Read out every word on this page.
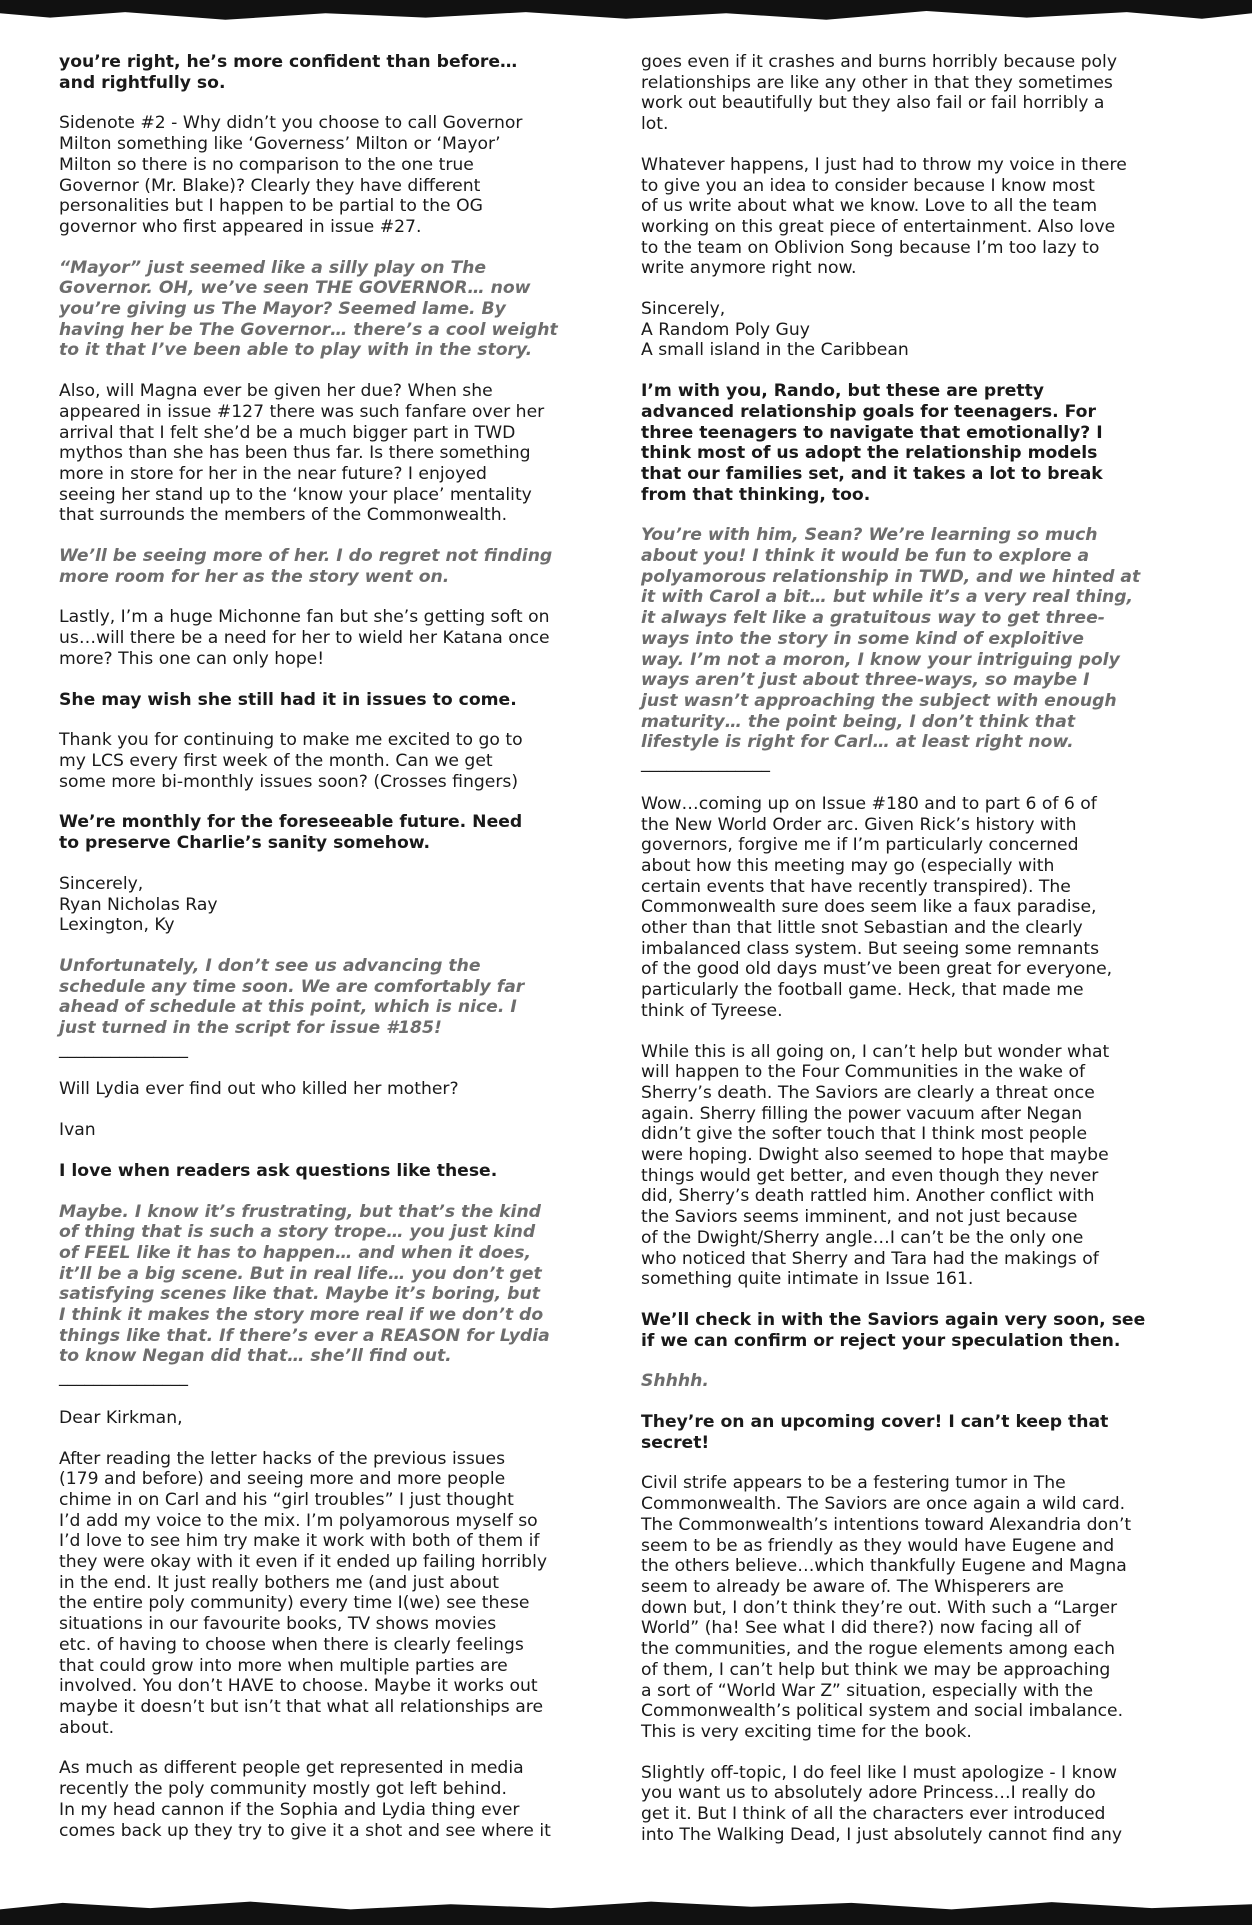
you’re right, he’s more confident than before…
and rightfully so.

Sidenote #2 - Why didn’t you choose to call Governor
Milton something like ‘Governess’ Milton or ‘Mayor’
Milton so there is no comparison to the one true
Governor (Mr. Blake)? Clearly they have different
personalities but I happen to be partial to the OG
governor who first appeared in issue #27.

“Mayor” just seemed like a silly play on The
Governor. OH, we’ve seen THE GOVERNOR… now
you’re giving us The Mayor? Seemed lame. By
having her be The Governor… there’s a cool weight
to it that I’ve been able to play with in the story.

Also, will Magna ever be given her due? When she
appeared in issue #127 there was such fanfare over her
arrival that I felt she’d be a much bigger part in TWD
mythos than she has been thus far. Is there something
more in store for her in the near future? I enjoyed
seeing her stand up to the ‘know your place’ mentality
that surrounds the members of the Commonwealth.

We’ll be seeing more of her. I do regret not finding
more room for her as the story went on.

Lastly, I’m a huge Michonne fan but she’s getting soft on
us…will there be a need for her to wield her Katana once
more? This one can only hope!

She may wish she still had it in issues to come.

Thank you for continuing to make me excited to go to
my LCS every first week of the month. Can we get
some more bi-monthly issues soon? (Crosses fingers)

We’re monthly for the foreseeable future. Need
to preserve Charlie’s sanity somehow.

Sincerely,
Ryan Nicholas Ray
Lexington, Ky

Unfortunately, I don’t see us advancing the
schedule any time soon. We are comfortably far
ahead of schedule at this point, which is nice. I
just turned in the script for issue #185!

_______________

Will Lydia ever find out who killed her mother?

Ivan

I love when readers ask questions like these.

Maybe. I know it’s frustrating, but that’s the kind
of thing that is such a story trope… you just kind
of FEEL like it has to happen… and when it does,
it’ll be a big scene. But in real life… you don’t get
satisfying scenes like that. Maybe it’s boring, but
I think it makes the story more real if we don’t do
things like that. If there’s ever a REASON for Lydia
to know Negan did that… she’ll find out.

_______________

Dear Kirkman,

After reading the letter hacks of the previous issues
(179 and before) and seeing more and more people
chime in on Carl and his “girl troubles” I just thought
I’d add my voice to the mix. I’m polyamorous myself so
I’d love to see him try make it work with both of them if
they were okay with it even if it ended up failing horribly
in the end. It just really bothers me (and just about
the entire poly community) every time I(we) see these
situations in our favourite books, TV shows movies
etc. of having to choose when there is clearly feelings
that could grow into more when multiple parties are
involved. You don’t HAVE to choose. Maybe it works out
maybe it doesn’t but isn’t that what all relationships are
about.

As much as different people get represented in media
recently the poly community mostly got left behind.
In my head cannon if the Sophia and Lydia thing ever
comes back up they try to give it a shot and see where it

goes even if it crashes and burns horribly because poly
relationships are like any other in that they sometimes
work out beautifully but they also fail or fail horribly a
lot.

Whatever happens, I just had to throw my voice in there
to give you an idea to consider because I know most
of us write about what we know. Love to all the team
working on this great piece of entertainment. Also love
to the team on Oblivion Song because I’m too lazy to
write anymore right now.

Sincerely,
A Random Poly Guy
A small island in the Caribbean

I’m with you, Rando, but these are pretty
advanced relationship goals for teenagers. For
three teenagers to navigate that emotionally? I
think most of us adopt the relationship models
that our families set, and it takes a lot to break
from that thinking, too.

You’re with him, Sean? We’re learning so much
about you! I think it would be fun to explore a
polyamorous relationship in TWD, and we hinted at
it with Carol a bit… but while it’s a very real thing,
it always felt like a gratuitous way to get three-
ways into the story in some kind of exploitive
way. I’m not a moron, I know your intriguing poly
ways aren’t just about three-ways, so maybe I
just wasn’t approaching the subject with enough
maturity… the point being, I don’t think that
lifestyle is right for Carl… at least right now.

_______________

Wow…coming up on Issue #180 and to part 6 of 6 of
the New World Order arc. Given Rick’s history with
governors, forgive me if I’m particularly concerned
about how this meeting may go (especially with
certain events that have recently transpired). The
Commonwealth sure does seem like a faux paradise,
other than that little snot Sebastian and the clearly
imbalanced class system. But seeing some remnants
of the good old days must’ve been great for everyone,
particularly the football game. Heck, that made me
think of Tyreese.

While this is all going on, I can’t help but wonder what
will happen to the Four Communities in the wake of
Sherry’s death. The Saviors are clearly a threat once
again. Sherry filling the power vacuum after Negan
didn’t give the softer touch that I think most people
were hoping. Dwight also seemed to hope that maybe
things would get better, and even though they never
did, Sherry’s death rattled him. Another conflict with
the Saviors seems imminent, and not just because
of the Dwight/Sherry angle…I can’t be the only one
who noticed that Sherry and Tara had the makings of
something quite intimate in Issue 161.

We’ll check in with the Saviors again very soon, see
if we can confirm or reject your speculation then.

Shhhh.

They’re on an upcoming cover! I can’t keep that
secret!

Civil strife appears to be a festering tumor in The
Commonwealth. The Saviors are once again a wild card.
The Commonwealth’s intentions toward Alexandria don’t
seem to be as friendly as they would have Eugene and
the others believe…which thankfully Eugene and Magna
seem to already be aware of. The Whisperers are
down but, I don’t think they’re out. With such a “Larger
World” (ha! See what I did there?) now facing all of
the communities, and the rogue elements among each
of them, I can’t help but think we may be approaching
a sort of “World War Z” situation, especially with the
Commonwealth’s political system and social imbalance.
This is very exciting time for the book.

Slightly off-topic, I do feel like I must apologize - I know
you want us to absolutely adore Princess…I really do
get it. But I think of all the characters ever introduced
into The Walking Dead, I just absolutely cannot find any
